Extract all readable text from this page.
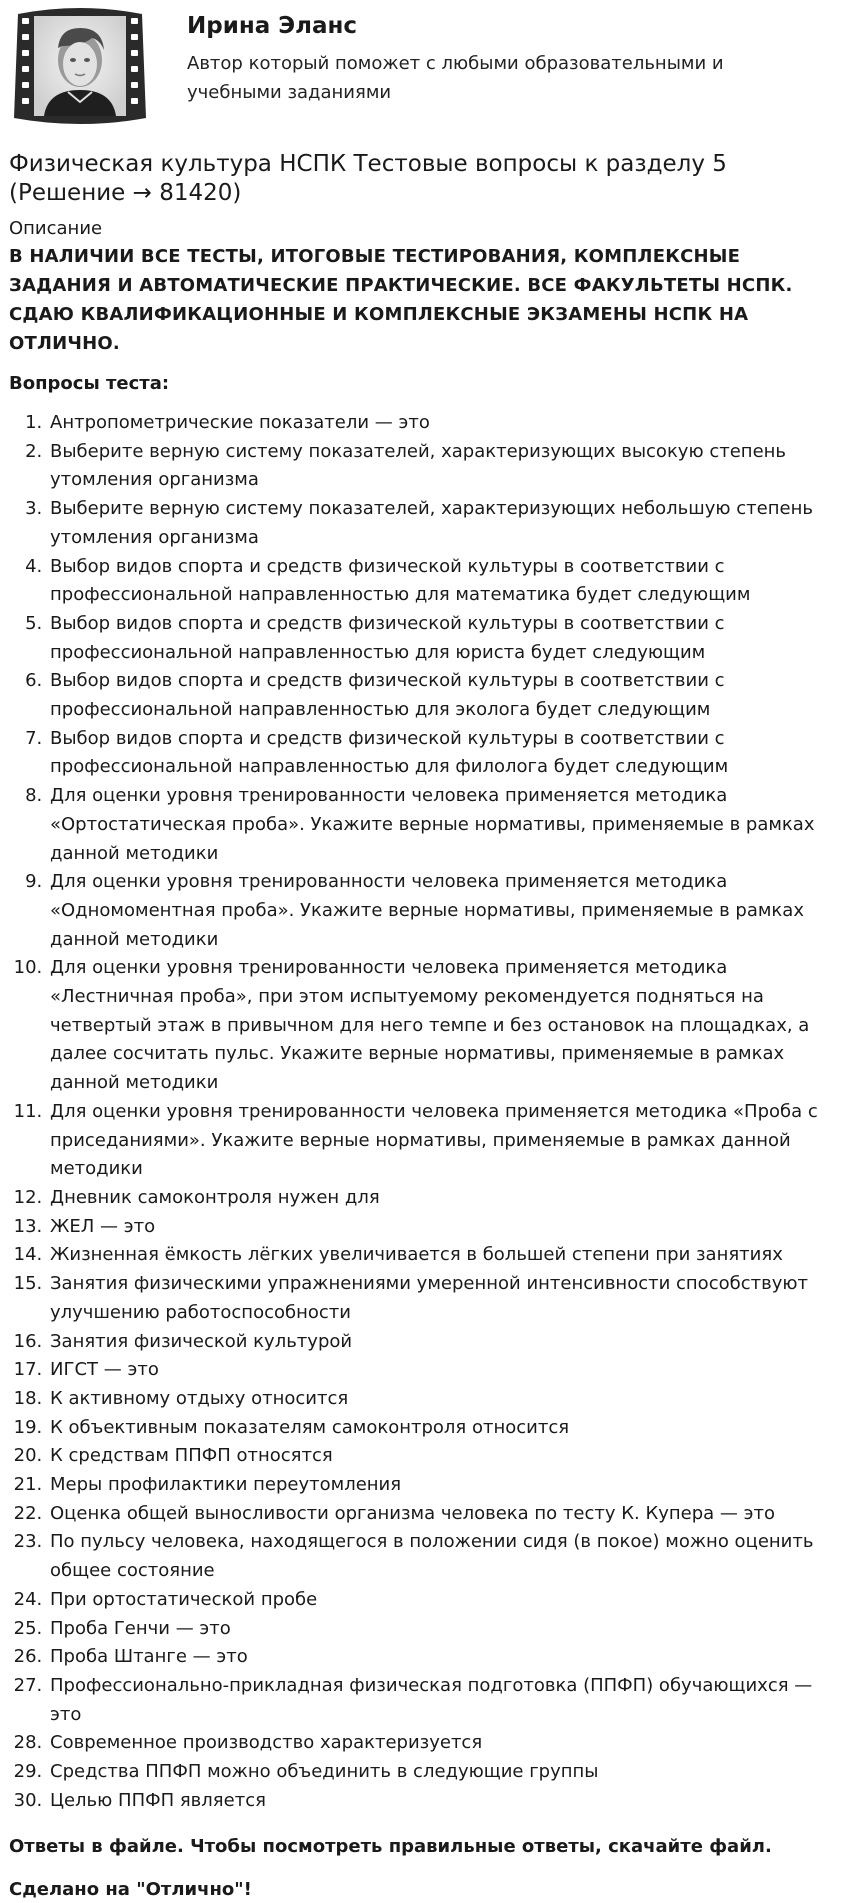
Ирина Эланс

Автор который поможет с любыми образовательными и учебными заданиями

Физическая культура НСПК Тестовые вопросы к разделу 5 (Решение → 81420)

Описание

В НАЛИЧИИ ВСЕ ТЕСТЫ, ИТОГОВЫЕ ТЕСТИРОВАНИЯ, КОМПЛЕКСНЫЕ ЗАДАНИЯ И АВТОМАТИЧЕСКИЕ ПРАКТИЧЕСКИЕ. ВСЕ ФАКУЛЬТЕТЫ НСПК. СДАЮ КВАЛИФИКАЦИОННЫЕ И КОМПЛЕКСНЫЕ ЭКЗАМЕНЫ НСПК НА ОТЛИЧНО.

Вопросы теста:

1. Антропометрические показатели — это
2. Выберите верную систему показателей, характеризующих высокую степень утомления организма
3. Выберите верную систему показателей, характеризующих небольшую степень утомления организма
4. Выбор видов спорта и средств физической культуры в соответствии с профессиональной направленностью для математика будет следующим
5. Выбор видов спорта и средств физической культуры в соответствии с профессиональной направленностью для юриста будет следующим
6. Выбор видов спорта и средств физической культуры в соответствии с профессиональной направленностью для эколога будет следующим
7. Выбор видов спорта и средств физической культуры в соответствии с профессиональной направленностью для филолога будет следующим
8. Для оценки уровня тренированности человека применяется методика «Ортостатическая проба». Укажите верные нормативы, применяемые в рамках данной методики
9. Для оценки уровня тренированности человека применяется методика «Одномоментная проба». Укажите верные нормативы, применяемые в рамках данной методики
10. Для оценки уровня тренированности человека применяется методика «Лестничная проба», при этом испытуемому рекомендуется подняться на четвертый этаж в привычном для него темпе и без остановок на площадках, а далее сосчитать пульс. Укажите верные нормативы, применяемые в рамках данной методики
11. Для оценки уровня тренированности человека применяется методика «Проба с приседаниями». Укажите верные нормативы, применяемые в рамках данной методики
12. Дневник самоконтроля нужен для
13. ЖЕЛ — это
14. Жизненная ёмкость лёгких увеличивается в большей степени при занятиях
15. Занятия физическими упражнениями умеренной интенсивности способствуют улучшению работоспособности
16. Занятия физической культурой
17. ИГСТ — это
18. К активному отдыху относится
19. К объективным показателям самоконтроля относится
20. К средствам ППФП относятся
21. Меры профилактики переутомления
22. Оценка общей выносливости организма человека по тесту К. Купера — это
23. По пульсу человека, находящегося в положении сидя (в покое) можно оценить общее состояние
24. При ортостатической пробе
25. Проба Генчи — это
26. Проба Штанге — это
27. Профессионально-прикладная физическая подготовка (ППФП) обучающихся — это
28. Современное производство характеризуется
29. Средства ППФП можно объединить в следующие группы
30. Целью ППФП является

Ответы в файле. Чтобы посмотреть правильные ответы, скачайте файл.

Сделано на "Отлично"!
